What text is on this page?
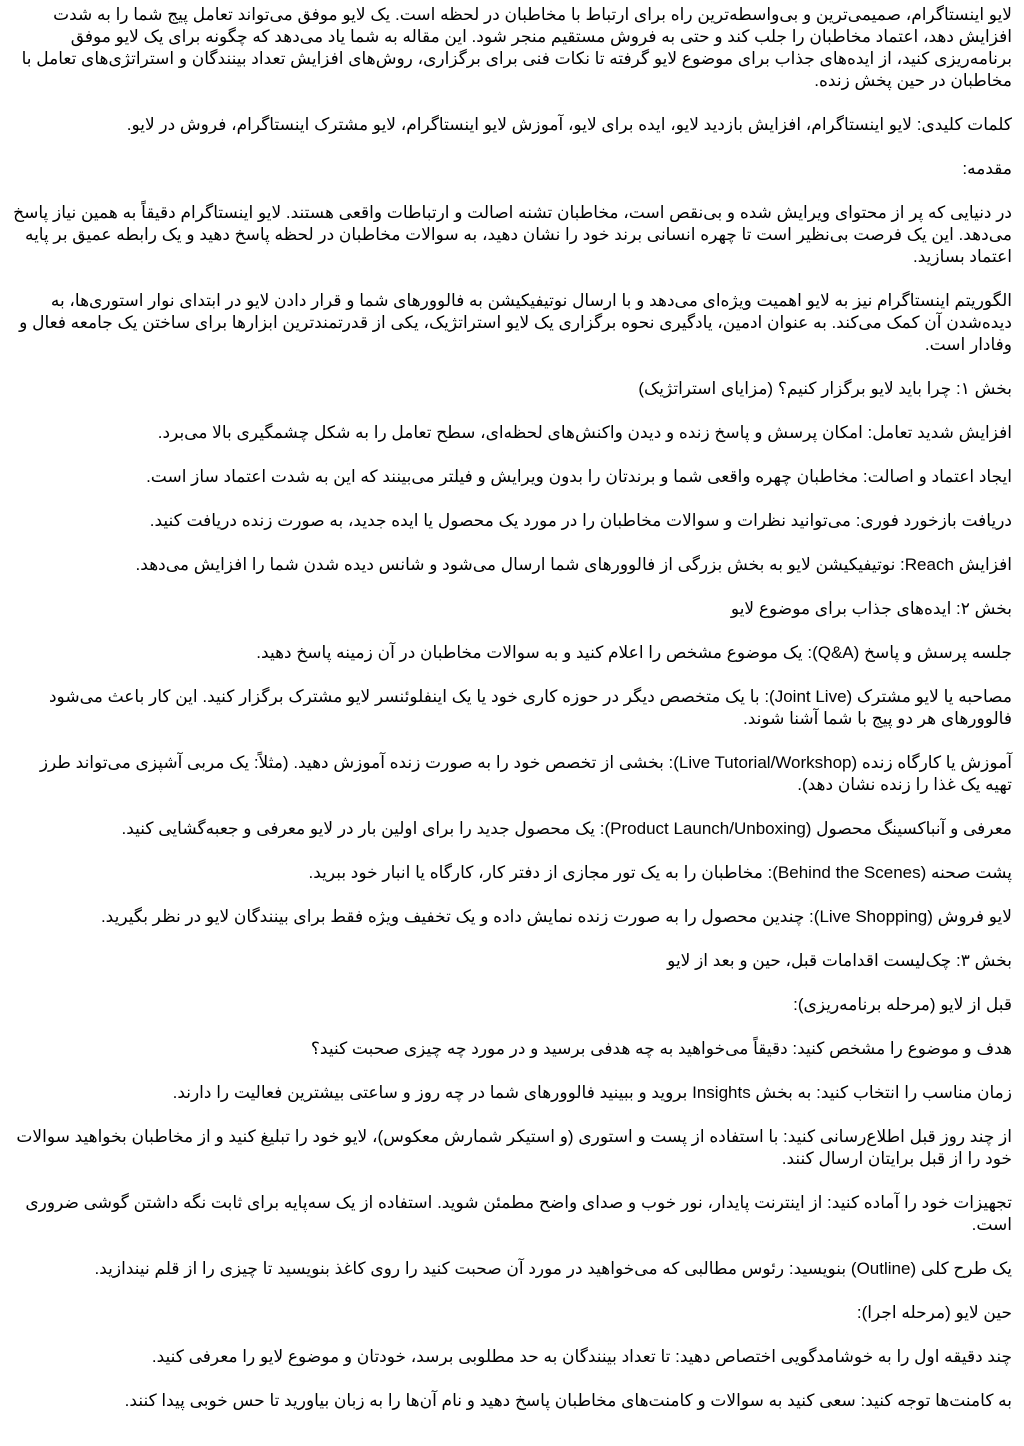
لایو اینستاگرام، صمیمی‌ترین و بی‌واسطه‌ترین راه برای ارتباط با مخاطبان در لحظه است. یک لایو موفق می‌تواند تعامل پیج شما را به شدت افزایش دهد، اعتماد مخاطبان را جلب کند و حتی به فروش مستقیم منجر شود. این مقاله به شما یاد می‌دهد که چگونه برای یک لایو موفق برنامه‌ریزی کنید، از ایده‌های جذاب برای موضوع لایو گرفته تا نکات فنی برای برگزاری، روش‌های افزایش تعداد بینندگان و استراتژی‌های تعامل با مخاطبان در حین پخش زنده.

کلمات کلیدی: لایو اینستاگرام، افزایش بازدید لایو، ایده برای لایو، آموزش لایو اینستاگرام، لایو مشترک اینستاگرام، فروش در لایو.

مقدمه:

در دنیایی که پر از محتوای ویرایش شده و بی‌نقص است، مخاطبان تشنه اصالت و ارتباطات واقعی هستند. لایو اینستاگرام دقیقاً به همین نیاز پاسخ می‌دهد. این یک فرصت بی‌نظیر است تا چهره انسانی برند خود را نشان دهید، به سوالات مخاطبان در لحظه پاسخ دهید و یک رابطه عمیق بر پایه اعتماد بسازید.

الگوریتم اینستاگرام نیز به لایو اهمیت ویژه‌ای می‌دهد و با ارسال نوتیفیکیشن به فالوورهای شما و قرار دادن لایو در ابتدای نوار استوری‌ها، به دیده‌شدن آن کمک می‌کند. به عنوان ادمین، یادگیری نحوه برگزاری یک لایو استراتژیک، یکی از قدرتمندترین ابزارها برای ساختن یک جامعه فعال و وفادار است.

بخش ۱: چرا باید لایو برگزار کنیم؟ (مزایای استراتژیک)

افزایش شدید تعامل: امکان پرسش و پاسخ زنده و دیدن واکنش‌های لحظه‌ای، سطح تعامل را به شکل چشمگیری بالا می‌برد.

ایجاد اعتماد و اصالت: مخاطبان چهره واقعی شما و برندتان را بدون ویرایش و فیلتر می‌بینند که این به شدت اعتماد ساز است.

دریافت بازخورد فوری: می‌توانید نظرات و سوالات مخاطبان را در مورد یک محصول یا ایده جدید، به صورت زنده دریافت کنید.

افزایش Reach: نوتیفیکیشن لایو به بخش بزرگی از فالوورهای شما ارسال می‌شود و شانس دیده شدن شما را افزایش می‌دهد.

بخش ۲: ایده‌های جذاب برای موضوع لایو

جلسه پرسش و پاسخ (Q&A): یک موضوع مشخص را اعلام کنید و به سوالات مخاطبان در آن زمینه پاسخ دهید.

مصاحبه یا لایو مشترک (Joint Live): با یک متخصص دیگر در حوزه کاری خود یا یک اینفلوئنسر لایو مشترک برگزار کنید. این کار باعث می‌شود فالوورهای هر دو پیج با شما آشنا شوند.

آموزش یا کارگاه زنده (Live Tutorial/Workshop): بخشی از تخصص خود را به صورت زنده آموزش دهید. (مثلاً: یک مربی آشپزی می‌تواند طرز تهیه یک غذا را زنده نشان دهد).

معرفی و آنباکسینگ محصول (Product Launch/Unboxing): یک محصول جدید را برای اولین بار در لایو معرفی و جعبه‌گشایی کنید.

پشت صحنه (Behind the Scenes): مخاطبان را به یک تور مجازی از دفتر کار، کارگاه یا انبار خود ببرید.

لایو فروش (Live Shopping): چندین محصول را به صورت زنده نمایش داده و یک تخفیف ویژه فقط برای بینندگان لایو در نظر بگیرید.

بخش ۳: چک‌لیست اقدامات قبل، حین و بعد از لایو

قبل از لایو (مرحله برنامه‌ریزی):

هدف و موضوع را مشخص کنید: دقیقاً می‌خواهید به چه هدفی برسید و در مورد چه چیزی صحبت کنید؟

زمان مناسب را انتخاب کنید: به بخش Insights بروید و ببینید فالوورهای شما در چه روز و ساعتی بیشترین فعالیت را دارند.

از چند روز قبل اطلاع‌رسانی کنید: با استفاده از پست و استوری (و استیکر شمارش معکوس)، لایو خود را تبلیغ کنید و از مخاطبان بخواهید سوالات خود را از قبل برایتان ارسال کنند.

تجهیزات خود را آماده کنید: از اینترنت پایدار، نور خوب و صدای واضح مطمئن شوید. استفاده از یک سه‌پایه برای ثابت نگه داشتن گوشی ضروری است.

یک طرح کلی (Outline) بنویسید: رئوس مطالبی که می‌خواهید در مورد آن صحبت کنید را روی کاغذ بنویسید تا چیزی را از قلم نیندازید.

حین لایو (مرحله اجرا):

چند دقیقه اول را به خوشامدگویی اختصاص دهید: تا تعداد بینندگان به حد مطلوبی برسد، خودتان و موضوع لایو را معرفی کنید.

به کامنت‌ها توجه کنید: سعی کنید به سوالات و کامنت‌های مخاطبان پاسخ دهید و نام آن‌ها را به زبان بیاورید تا حس خوبی پیدا کنند.
